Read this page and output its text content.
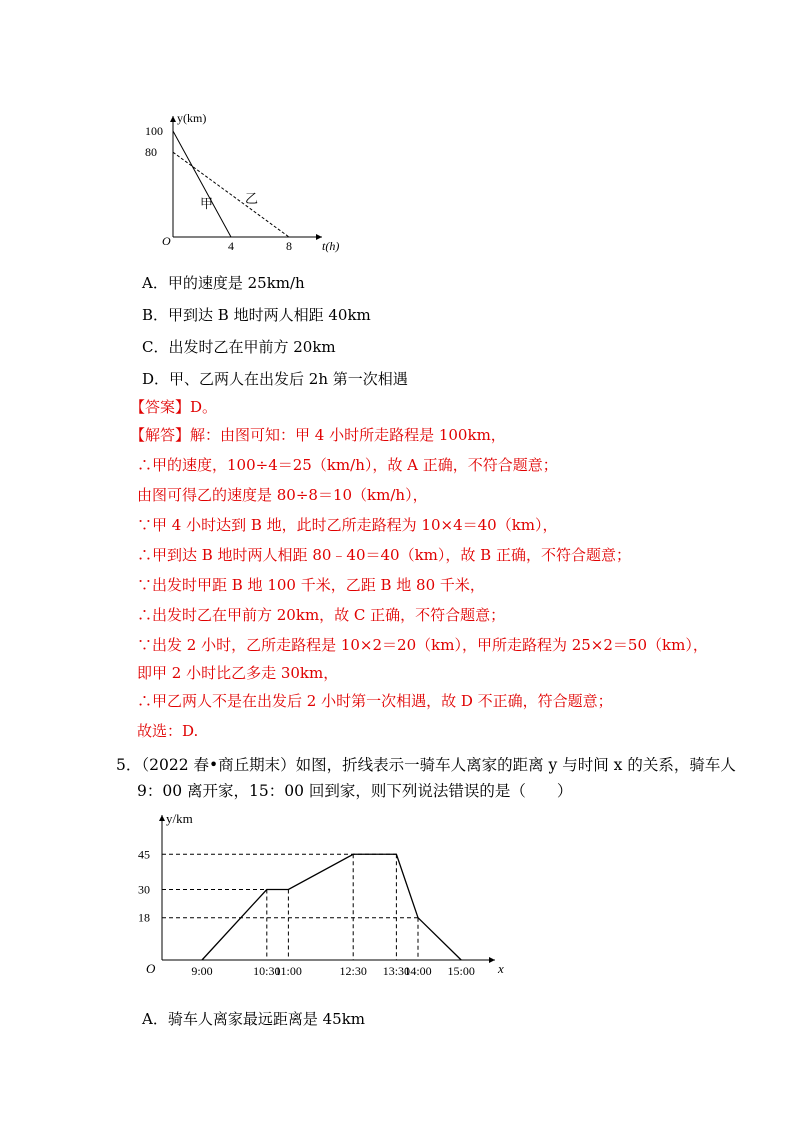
y(km)
t(h)
O
100
80
4	8
甲 乙
y/km
x
O
45
30
18
9:00	10:30
11:00	12:30 13:30
14:00 15:00
A．甲的速度是 25km/h
B．甲到达 B 地时两人相距 40km
C．出发时乙在甲前方 20km
D．甲、乙两人在出发后 2h 第一次相遇
【答案】D。
【解答】解：由图可知：甲 4 小时所走路程是 100km，
∴甲的速度，100÷4＝25（km/h），故 A 正确，不符合题意；
由图可得乙的速度是 80÷8＝10（km/h），
∵甲 4 小时达到 B 地，此时乙所走路程为 10×4＝40（km），
∴甲到达 B 地时两人相距 80﹣40＝40（km），故 B 正确，不符合题意；
∵出发时甲距 B 地 100 千米，乙距 B 地 80 千米，
∴出发时乙在甲前方 20km，故 C 正确，不符合题意；
∵出发 2 小时，乙所走路程是 10×2＝20（km），甲所走路程为 25×2＝50（km），
即甲 2 小时比乙多走 30km，
∴甲乙两人不是在出发后 2 小时第一次相遇，故 D 不正确，符合题意；
故选：D.
5．（2022 春•商丘期末）如图，折线表示一骑车人离家的距离 y 与时间 x 的关系，骑车人
9：00 离开家，15：00 回到家，则下列说法错误的是（　　）
A．骑车人离家最远距离是 45km
